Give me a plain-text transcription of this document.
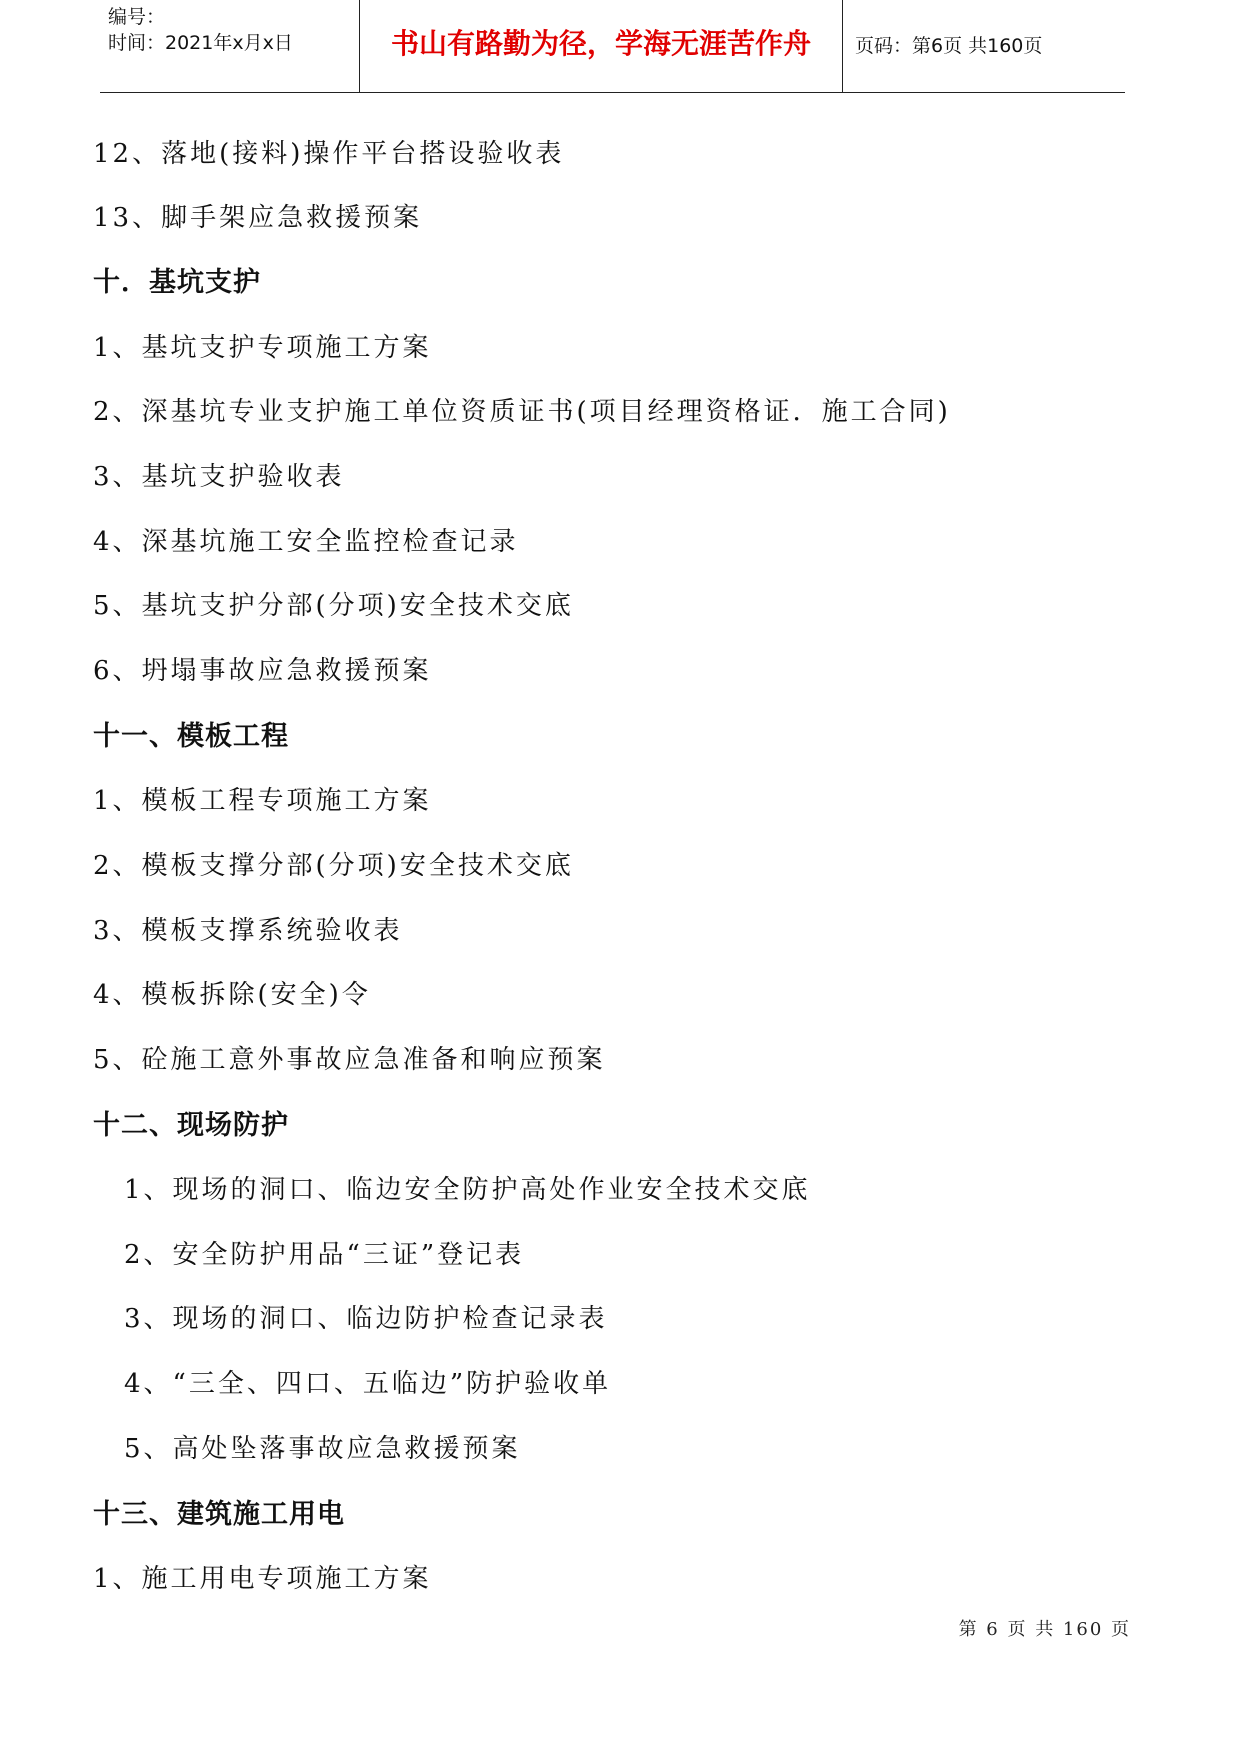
编号：
时间：2021年x月x日	书山有路勤为径，学海无涯苦作舟	页码：第6页 共160页
12、落地(接料)操作平台搭设验收表
13、脚手架应急救援预案
十．基坑支护
1、基坑支护专项施工方案
2、深基坑专业支护施工单位资质证书(项目经理资格证．施工合同)
3、基坑支护验收表
4、深基坑施工安全监控检查记录
5、基坑支护分部(分项)安全技术交底
6、坍塌事故应急救援预案
十一、模板工程
1、模板工程专项施工方案
2、模板支撑分部(分项)安全技术交底
3、模板支撑系统验收表
4、模板拆除(安全)令
5、砼施工意外事故应急准备和响应预案
十二、现场防护
1、现场的洞口、临边安全防护高处作业安全技术交底
2、安全防护用品“三证”登记表
3、现场的洞口、临边防护检查记录表
4、“三全、四口、五临边”防护验收单
5、高处坠落事故应急救援预案
十三、建筑施工用电
1、施工用电专项施工方案
第 6 页 共 160 页
